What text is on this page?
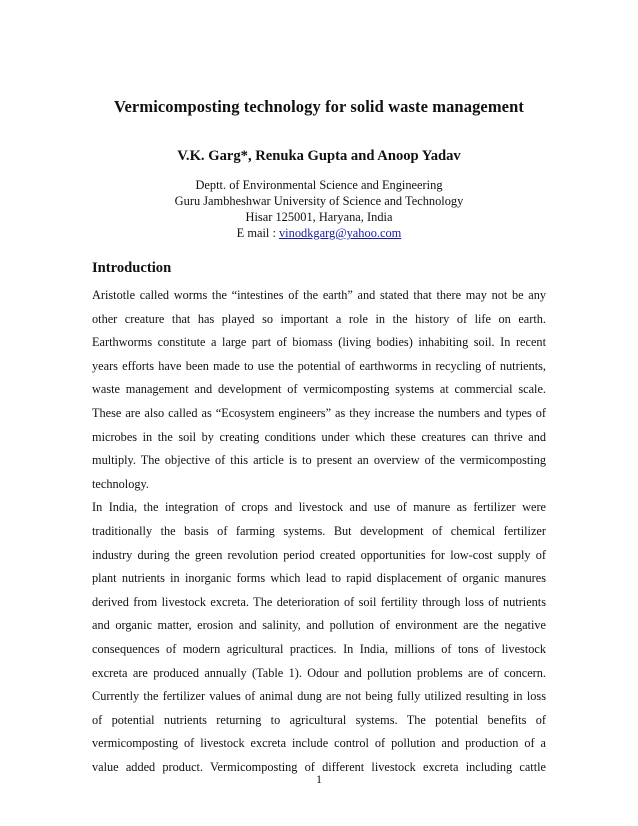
Vermicomposting technology for solid waste management
V.K. Garg*, Renuka Gupta and Anoop Yadav
Deptt. of Environmental Science and Engineering
Guru Jambheshwar University of Science and Technology
Hisar 125001, Haryana, India
E mail : vinodkgarg@yahoo.com
Introduction
Aristotle called worms the “intestines of the earth” and stated that there may not be any
other creature that has played so important a role in the history of life on earth.
Earthworms constitute a large part of biomass (living bodies) inhabiting soil. In recent
years efforts have been made to use the potential of earthworms in recycling of nutrients,
waste management and development of vermicomposting systems at commercial scale.
These are also called as “Ecosystem engineers” as they increase the numbers and types of
microbes in the soil by creating conditions under which these creatures can thrive and
multiply. The objective of this article is to present an overview of the vermicomposting
technology.
In India, the integration of crops and livestock and use of manure as fertilizer were
traditionally the basis of farming systems. But development of chemical fertilizer
industry during the green revolution period created opportunities for low-cost supply of
plant nutrients in inorganic forms which lead to rapid displacement of organic manures
derived from livestock excreta. The deterioration of soil fertility through loss of nutrients
and organic matter, erosion and salinity, and pollution of environment are the negative
consequences of modern agricultural practices. In India, millions of tons of livestock
excreta are produced annually (Table 1). Odour and pollution problems are of concern.
Currently the fertilizer values of animal dung are not being fully utilized resulting in loss
of potential nutrients returning to agricultural systems. The potential benefits of
vermicomposting of livestock excreta include control of pollution and production of a
value added product. Vermicomposting of different livestock excreta including cattle
1
